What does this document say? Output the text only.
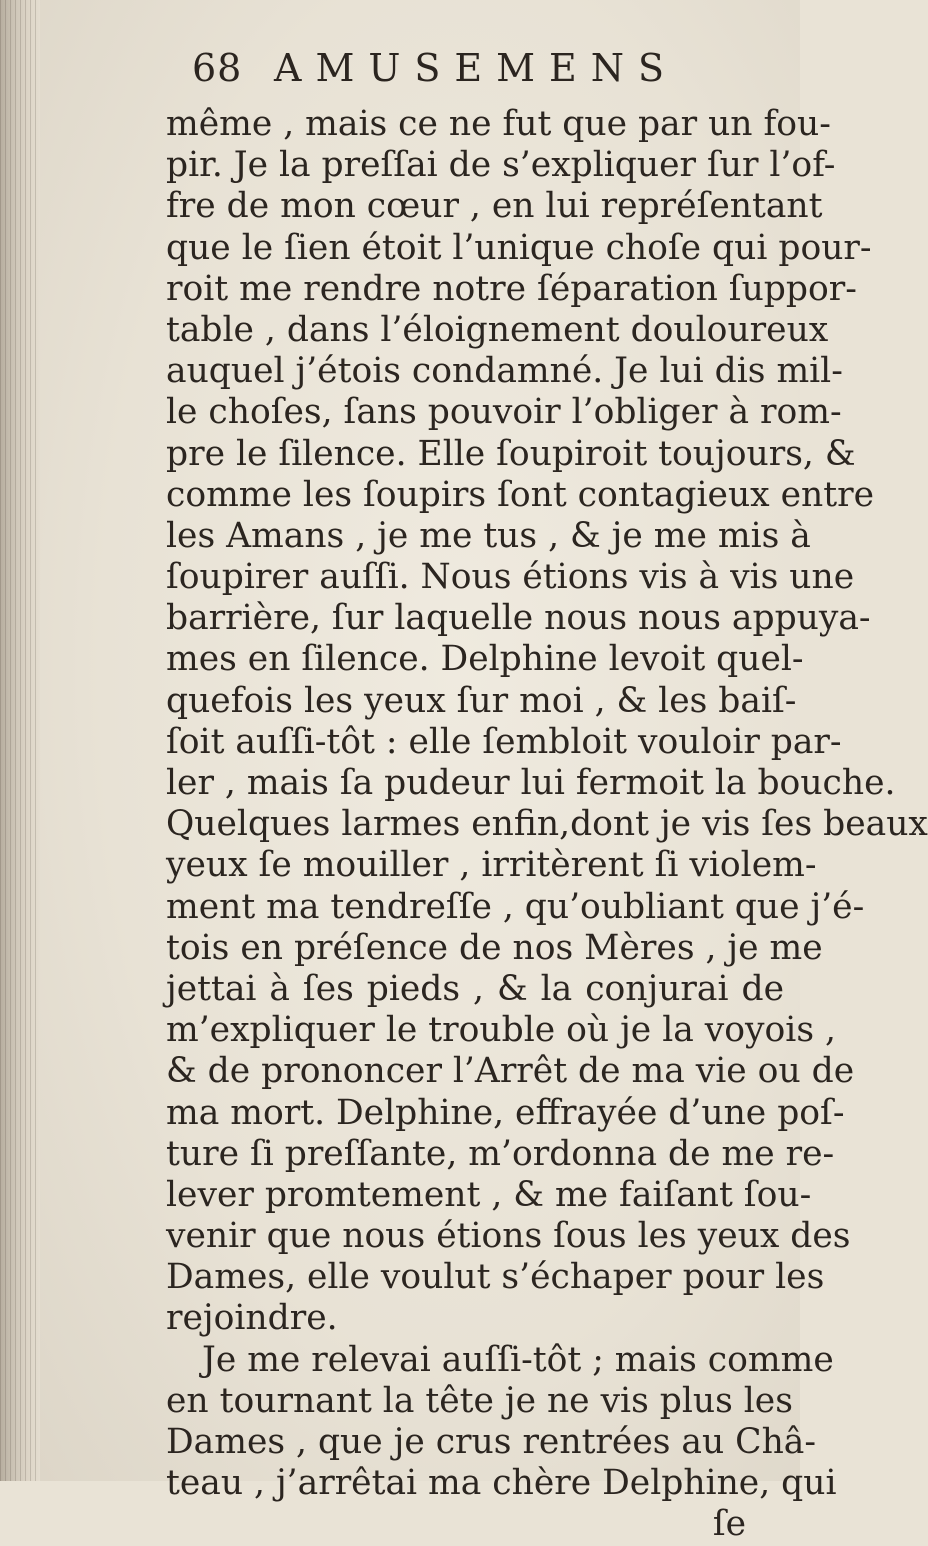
68 AMUSEMENS
même , mais ce ne fut que par un fou-
pir. Je la preſſai de s’expliquer ſur l’of-
fre de mon cœur , en lui repréſentant
que le ſien étoit l’unique choſe qui pour-
roit me rendre notre ſéparation ſuppor-
table , dans l’éloignement douloureux
auquel j’étois condamné. Je lui dis mil-
le choſes, ſans pouvoir l’obliger à rom-
pre le ſilence. Elle ſoupiroit toujours, &
comme les ſoupirs ſont contagieux entre
les Amans , je me tus , & je me mis à
ſoupirer auſſi. Nous étions vis à vis une
barrière, ſur laquelle nous nous appuya-
mes en ſilence. Delphine levoit quel-
quefois les yeux ſur moi , & les baiſ-
ſoit auſſi-tôt : elle ſembloit vouloir par-
ler , mais ſa pudeur lui fermoit la bouche.
Quelques larmes enfin,dont je vis ſes beaux
yeux ſe mouiller , irritèrent ſi violem-
ment ma tendreſſe , qu’oubliant que j’é-
tois en préſence de nos Mères , je me
jettai à ſes pieds , & la conjurai de
m’expliquer le trouble où je la voyois ,
& de prononcer l’Arrêt de ma vie ou de
ma mort. Delphine, effrayée d’une poſ-
ture ſi preſſante, m’ordonna de me re-
lever promtement , & me faiſant ſou-
venir que nous étions ſous les yeux des
Dames, elle voulut s’échaper pour les
rejoindre.
Je me relevai auſſi-tôt ; mais comme
en tournant la tête je ne vis plus les
Dames , que je crus rentrées au Châ-
teau , j’arrêtai ma chère Delphine, qui
ſe
